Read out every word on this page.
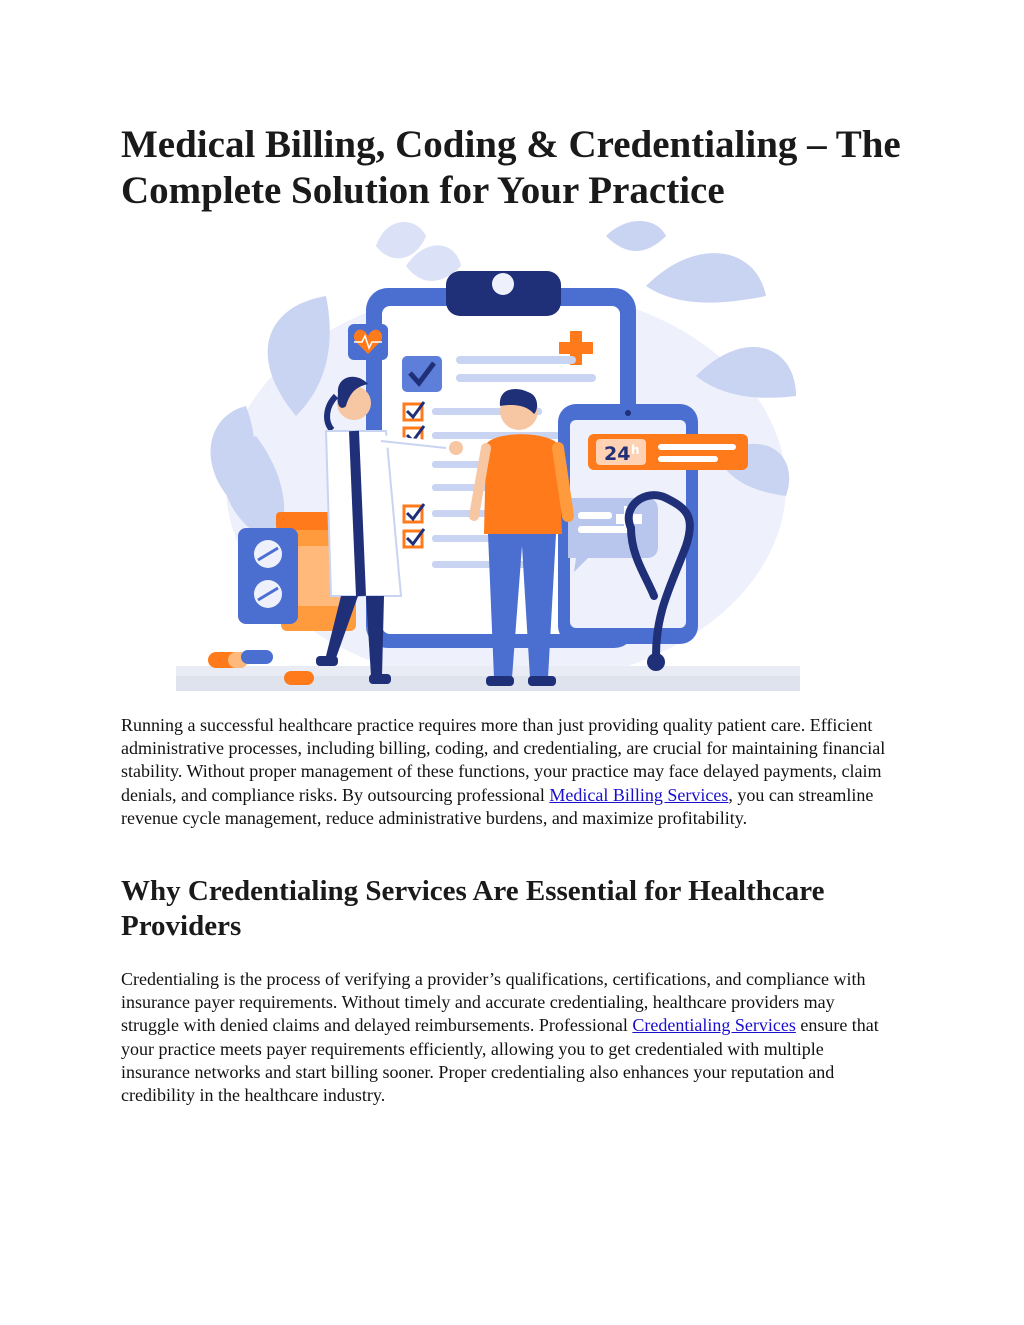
Medical Billing, Coding & Credentialing – The Complete Solution for Your Practice
24 h

Running a successful healthcare practice requires more than just providing quality patient care. Efficient administrative processes, including billing, coding, and credentialing, are crucial for maintaining financial stability. Without proper management of these functions, your practice may face delayed payments, claim denials, and compliance risks. By outsourcing professional Medical Billing Services, you can streamline revenue cycle management, reduce administrative burdens, and maximize profitability.

Why Credentialing Services Are Essential for Healthcare Providers

Credentialing is the process of verifying a provider’s qualifications, certifications, and compliance with insurance payer requirements. Without timely and accurate credentialing, healthcare providers may struggle with denied claims and delayed reimbursements. Professional Credentialing Services ensure that your practice meets payer requirements efficiently, allowing you to get credentialed with multiple insurance networks and start billing sooner. Proper credentialing also enhances your reputation and credibility in the healthcare industry.
